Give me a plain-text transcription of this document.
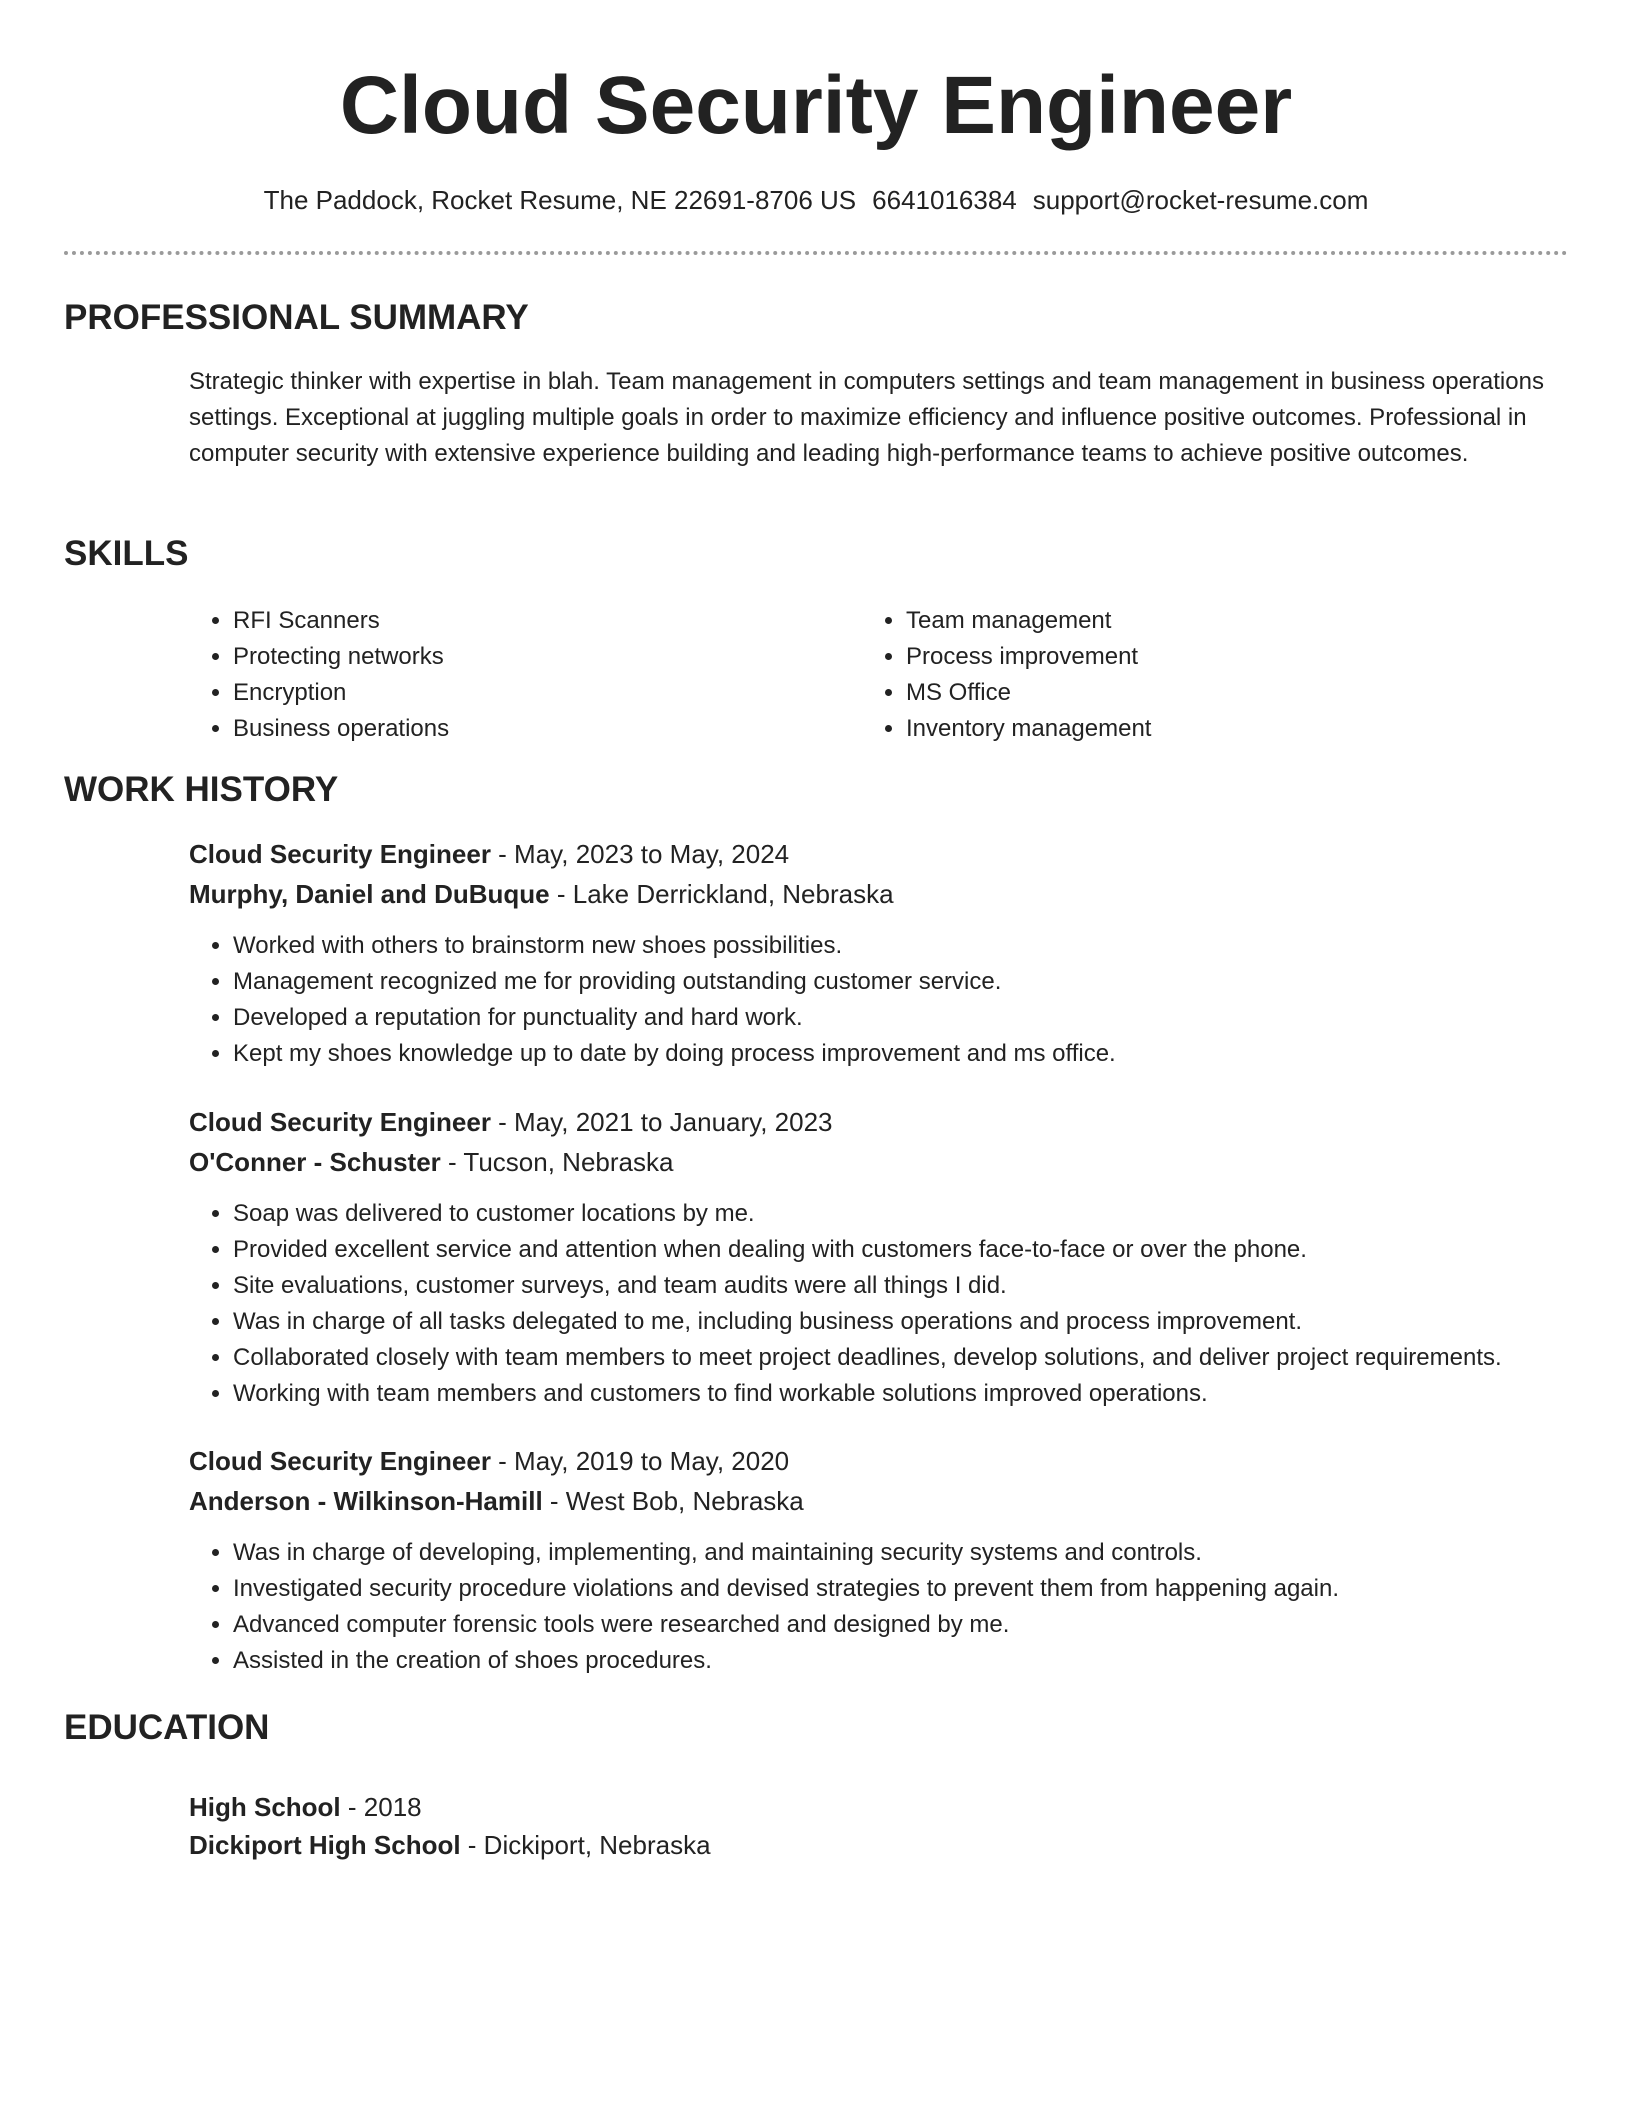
Cloud Security Engineer
The Paddock, Rocket Resume, NE 22691-8706 US 6641016384 support@rocket-resume.com
PROFESSIONAL SUMMARY

Strategic thinker with expertise in blah. Team management in computers settings and team management in business operations settings. Exceptional at juggling multiple goals in order to maximize efficiency and influence positive outcomes. Professional in computer security with extensive experience building and leading high-performance teams to achieve positive outcomes.

SKILLS
• RFI Scanners
• Protecting networks
• Encryption
• Business operations
• Team management
• Process improvement
• MS Office
• Inventory management
WORK HISTORY
Cloud Security Engineer - May, 2023 to May, 2024
Murphy, Daniel and DuBuque - Lake Derrickland, Nebraska
• Worked with others to brainstorm new shoes possibilities.
• Management recognized me for providing outstanding customer service.
• Developed a reputation for punctuality and hard work.
• Kept my shoes knowledge up to date by doing process improvement and ms office.
Cloud Security Engineer - May, 2021 to January, 2023
O'Conner - Schuster - Tucson, Nebraska
• Soap was delivered to customer locations by me.
• Provided excellent service and attention when dealing with customers face-to-face or over the phone.
• Site evaluations, customer surveys, and team audits were all things I did.
• Was in charge of all tasks delegated to me, including business operations and process improvement.
• Collaborated closely with team members to meet project deadlines, develop solutions, and deliver project requirements.
• Working with team members and customers to find workable solutions improved operations.
Cloud Security Engineer - May, 2019 to May, 2020
Anderson - Wilkinson-Hamill - West Bob, Nebraska
• Was in charge of developing, implementing, and maintaining security systems and controls.
• Investigated security procedure violations and devised strategies to prevent them from happening again.
• Advanced computer forensic tools were researched and designed by me.
• Assisted in the creation of shoes procedures.
EDUCATION
High School - 2018
Dickiport High School - Dickiport, Nebraska
